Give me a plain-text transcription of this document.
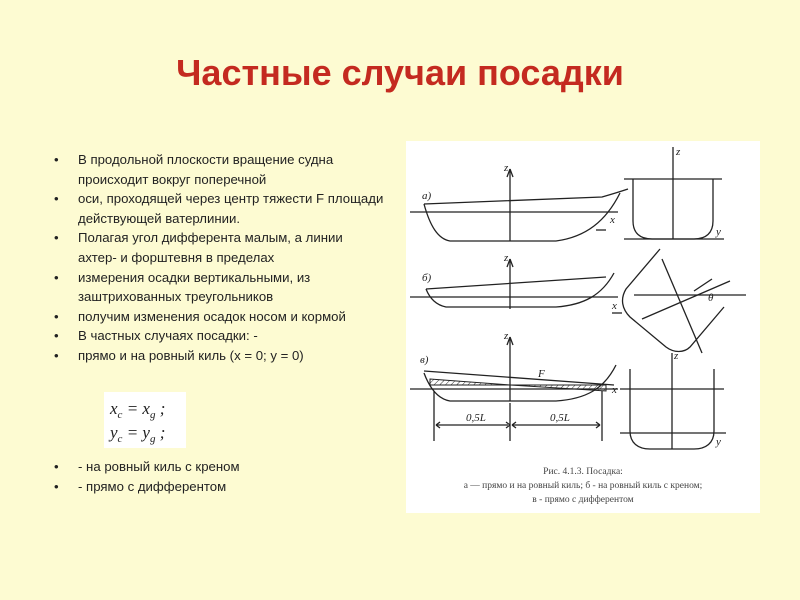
Частные случаи посадки
•	В продольной плоскости вращение судна происходит вокруг поперечной
•	оси, проходящей через центр тяжести F площади действующей ватерлинии.
•	Полагая угол дифферента малым, а линии ахтер- и форштевня в пределах
•	измерения осадки вертикальными, из заштрихованных треугольников
•	получим изменения осадок носом и кормой
•	В частных случаях посадки: -
•	прямо и на ровный киль (x = 0; y = 0)
$x_c = x_g$ ;
$y_c = y_g$ ;
•	- на ровный киль с креном
•	- прямо с дифферентом
а)
z
x
z
y
б)
z
x
θ
в)
z
F
x
0,5L	0,5L
z
y
Рис. 4.1.3. Посадка:
а — прямо и на ровный киль; б - на ровный киль с креном;
в - прямо с дифферентом
